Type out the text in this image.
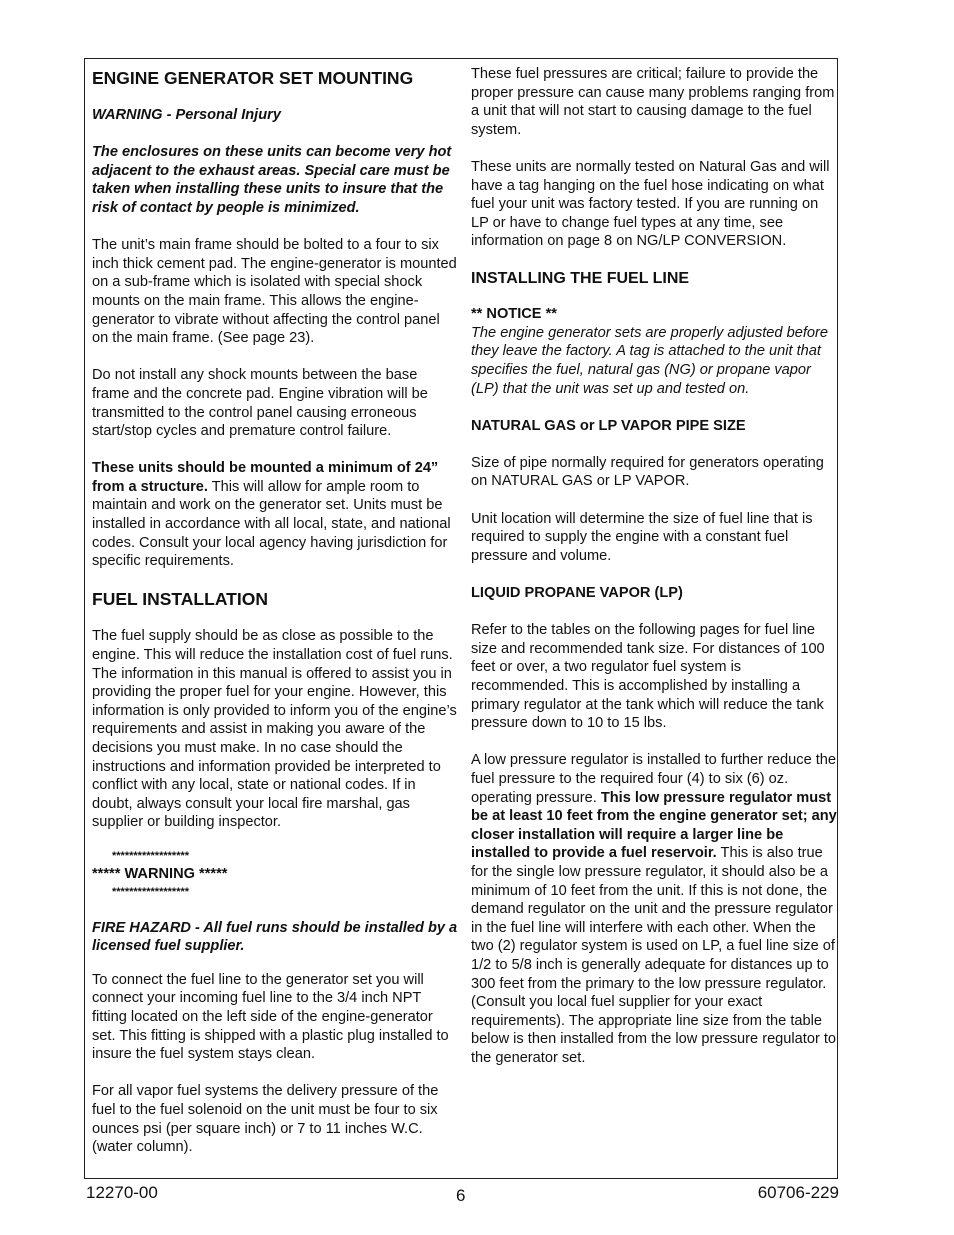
ENGINE GENERATOR SET MOUNTING

WARNING - Personal Injury

The enclosures on these units can become very hot adjacent to the exhaust areas. Special care must be taken when installing these units to insure that the risk of contact by people is minimized.

The unit’s main frame should be bolted to a four to six inch thick cement pad. The engine-generator is mounted on a sub-frame which is isolated with special shock mounts on the main frame. This allows the engine-generator to vibrate without affecting the control panel on the main frame. (See page 23).

Do not install any shock mounts between the base frame and the concrete pad. Engine vibration will be transmitted to the control panel causing erroneous start/stop cycles and premature control failure.

These units should be mounted a minimum of 24” from a structure. This will allow for ample room to maintain and work on the generator set. Units must be installed in accordance with all local, state, and national codes. Consult your local agency having jurisdiction for specific requirements.

FUEL INSTALLATION

The fuel supply should be as close as possible to the engine. This will reduce the installation cost of fuel runs. The information in this manual is offered to assist you in providing the proper fuel for your engine. However, this information is only provided to inform you of the engine’s requirements and assist in making you aware of the decisions you must make. In no case should the instructions and information provided be interpreted to conflict with any local, state or national codes. If in doubt, always consult your local fire marshal, gas supplier or building inspector.

******************

***** WARNING *****

******************

FIRE HAZARD - All fuel runs should be installed by a licensed fuel supplier.

To connect the fuel line to the generator set you will connect your incoming fuel line to the 3/4 inch NPT fitting located on the left side of the engine-generator set. This fitting is shipped with a plastic plug installed to insure the fuel system stays clean.

For all vapor fuel systems the delivery pressure of the fuel to the fuel solenoid on the unit must be four to six ounces psi (per square inch) or 7 to 11 inches W.C. (water column).

These fuel pressures are critical; failure to provide the proper pressure can cause many problems ranging from a unit that will not start to causing damage to the fuel system.

These units are normally tested on Natural Gas and will have a tag hanging on the fuel hose indicating on what fuel your unit was factory tested. If you are running on LP or have to change fuel types at any time, see information on page 8 on NG/LP CONVERSION.

INSTALLING THE FUEL LINE

** NOTICE **

The engine generator sets are properly adjusted before they leave the factory. A tag is attached to the unit that specifies the fuel, natural gas (NG) or propane vapor (LP) that the unit was set up and tested on.

NATURAL GAS or LP VAPOR PIPE SIZE

Size of pipe normally required for generators operating on NATURAL GAS or LP VAPOR.

Unit location will determine the size of fuel line that is required to supply the engine with a constant fuel pressure and volume.

LIQUID PROPANE VAPOR (LP)

Refer to the tables on the following pages for fuel line size and recommended tank size. For distances of 100 feet or over, a two regulator fuel system is recommended. This is accomplished by installing a primary regulator at the tank which will reduce the tank pressure down to 10 to 15 lbs.

A low pressure regulator is installed to further reduce the fuel pressure to the required four (4) to six (6) oz. operating pressure. This low pressure regulator must be at least 10 feet from the engine generator set; any closer installation will require a larger line be installed to provide a fuel reservoir. This is also true for the single low pressure regulator, it should also be a minimum of 10 feet from the unit. If this is not done, the demand regulator on the unit and the pressure regulator in the fuel line will interfere with each other. When the two (2) regulator system is used on LP, a fuel line size of 1/2 to 5/8 inch is generally adequate for distances up to 300 feet from the primary to the low pressure regulator. (Consult you local fuel supplier for your exact requirements). The appropriate line size from the table below is then installed from the low pressure regulator to the generator set.

12270-00	6	60706-229
